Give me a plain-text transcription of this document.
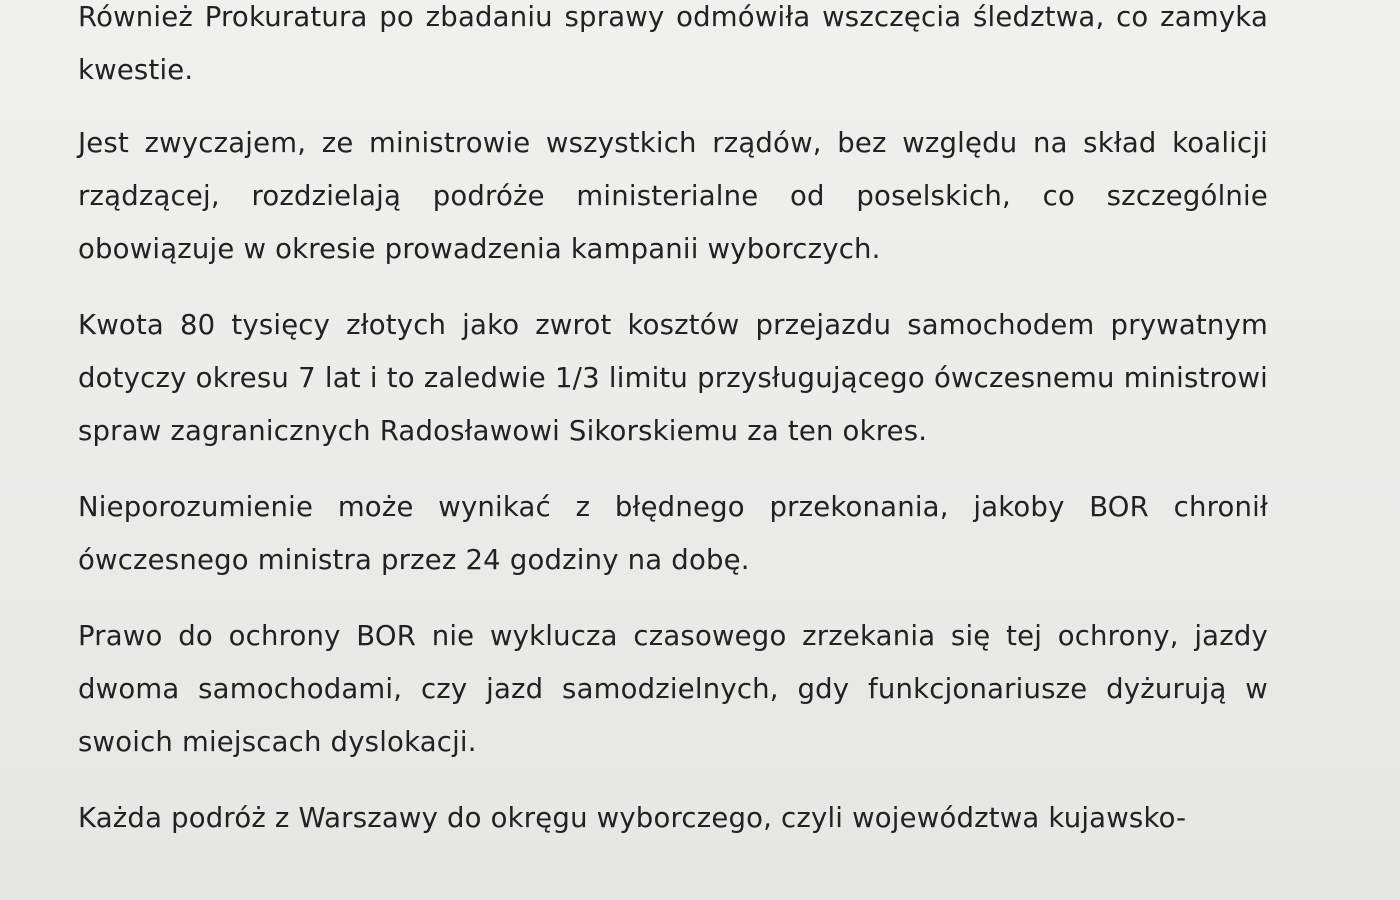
Również Prokuratura po zbadaniu sprawy odmówiła wszczęcia śledztwa, co zamyka kwestie.

Jest zwyczajem, ze ministrowie wszystkich rządów, bez względu na skład koalicji rządzącej, rozdzielają podróże ministerialne od poselskich, co szczególnie obowiązuje w okresie prowadzenia kampanii wyborczych.

Kwota 80 tysięcy złotych jako zwrot kosztów przejazdu samochodem prywatnym dotyczy okresu 7 lat i to zaledwie 1/3 limitu przysługującego ówczesnemu ministrowi spraw zagranicznych Radosławowi Sikorskiemu za ten okres.

Nieporozumienie może wynikać z błędnego przekonania, jakoby BOR chronił ówczesnego ministra przez 24 godziny na dobę.

Prawo do ochrony BOR nie wyklucza czasowego zrzekania się tej ochrony, jazdy dwoma samochodami, czy jazd samodzielnych, gdy funkcjonariusze dyżurują w swoich miejscach dyslokacji.

Każda podróż z Warszawy do okręgu wyborczego, czyli województwa kujawsko-
